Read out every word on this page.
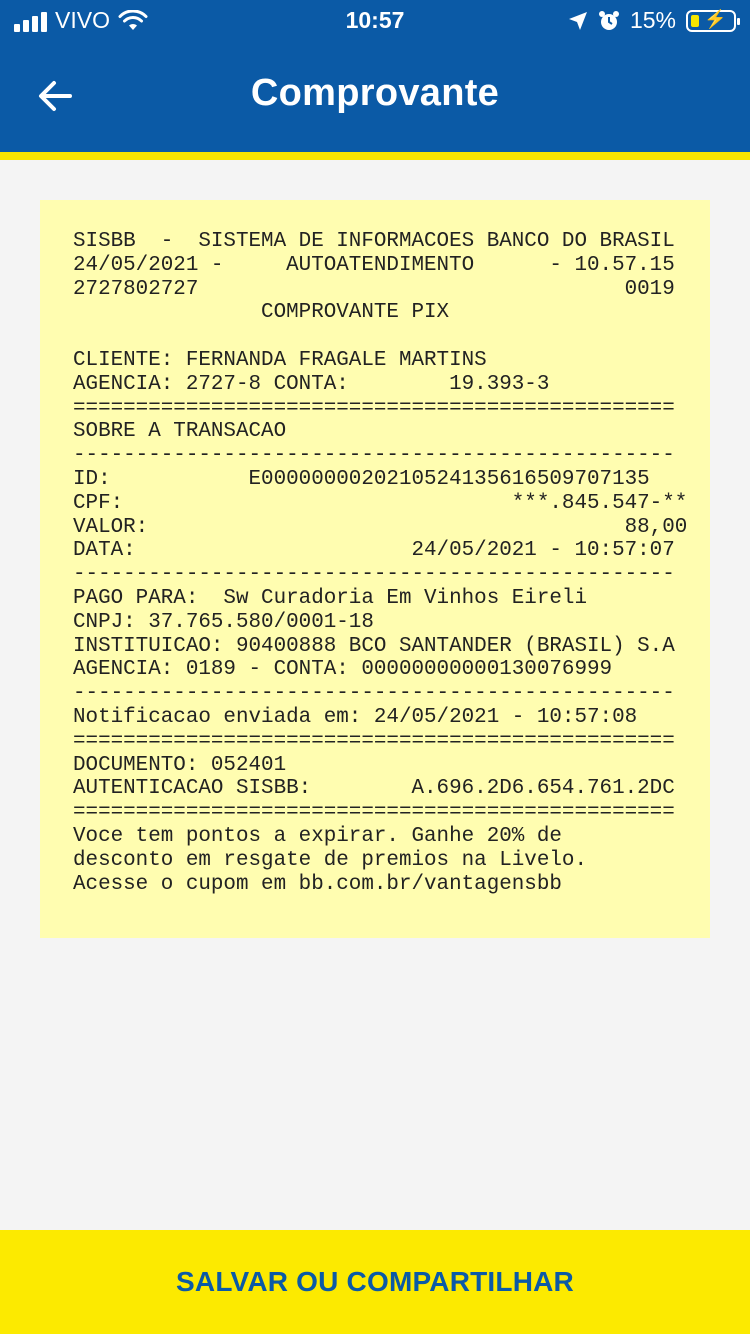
VIVO	10:57	15% ⚡
Comprovante
SISBB  -  SISTEMA DE INFORMACOES BANCO DO BRASIL
24/05/2021 -     AUTOATENDIMENTO      - 10.57.15
2727802727                                  0019
COMPROVANTE PIX

CLIENTE: FERNANDA FRAGALE MARTINS
AGENCIA: 2727-8 CONTA:        19.393-3
================================================
SOBRE A TRANSACAO
------------------------------------------------
ID:           E0000000020210524135616509707135
CPF:                               ***.845.547-**
VALOR:                                      88,00
DATA:                      24/05/2021 - 10:57:07
------------------------------------------------
PAGO PARA:  Sw Curadoria Em Vinhos Eireli
CNPJ: 37.765.580/0001-18
INSTITUICAO: 90400888 BCO SANTANDER (BRASIL) S.A
AGENCIA: 0189 - CONTA: 00000000000130076999
------------------------------------------------
Notificacao enviada em: 24/05/2021 - 10:57:08
================================================
DOCUMENTO: 052401
AUTENTICACAO SISBB:        A.696.2D6.654.761.2DC
================================================
Voce tem pontos a expirar. Ganhe 20% de
desconto em resgate de premios na Livelo.
Acesse o cupom em bb.com.br/vantagensbb

SALVAR OU COMPARTILHAR
